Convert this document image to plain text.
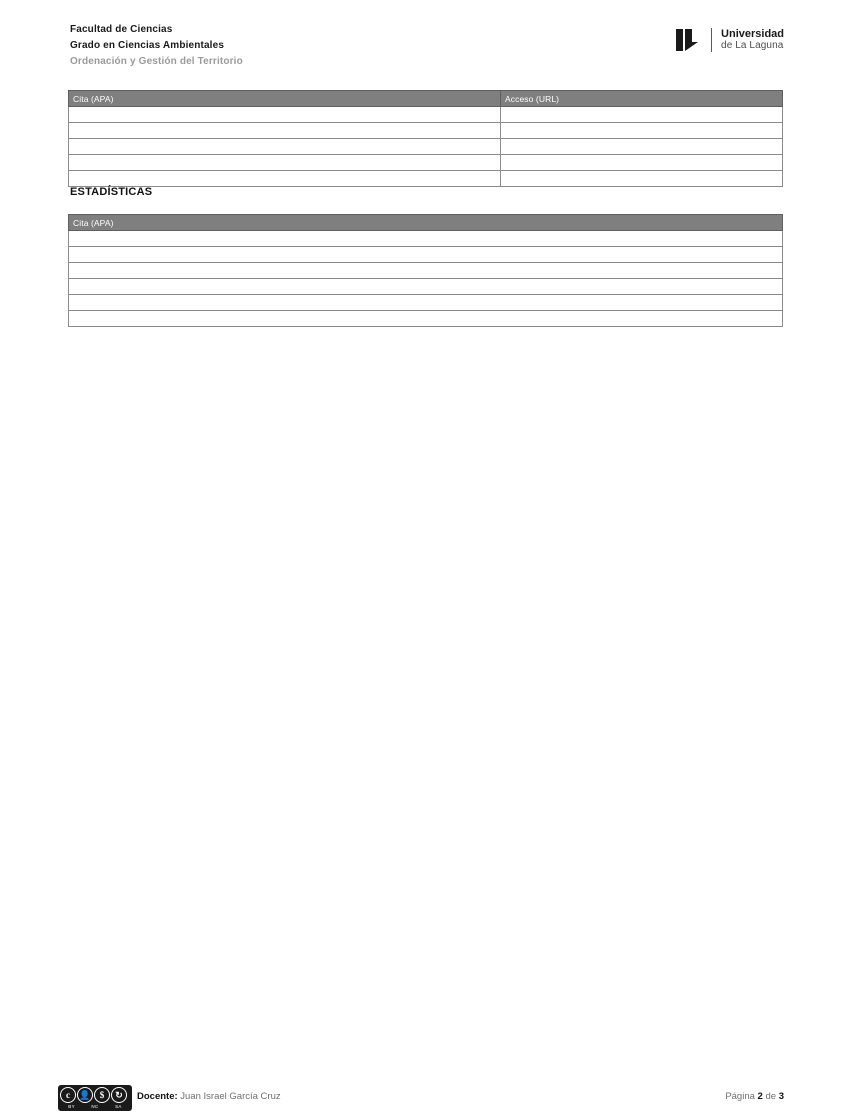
Facultad de Ciencias
Grado en Ciencias Ambientales
Ordenación y Gestión del Territorio
Universidad
de La Laguna
Cita (APA)	Acceso (URL)

ESTADÍSTICAS
Cita (APA)

c	👤	$	↻
BY	NC	SA
Docente: Juan Israel García Cruz	Página 2 de 3
